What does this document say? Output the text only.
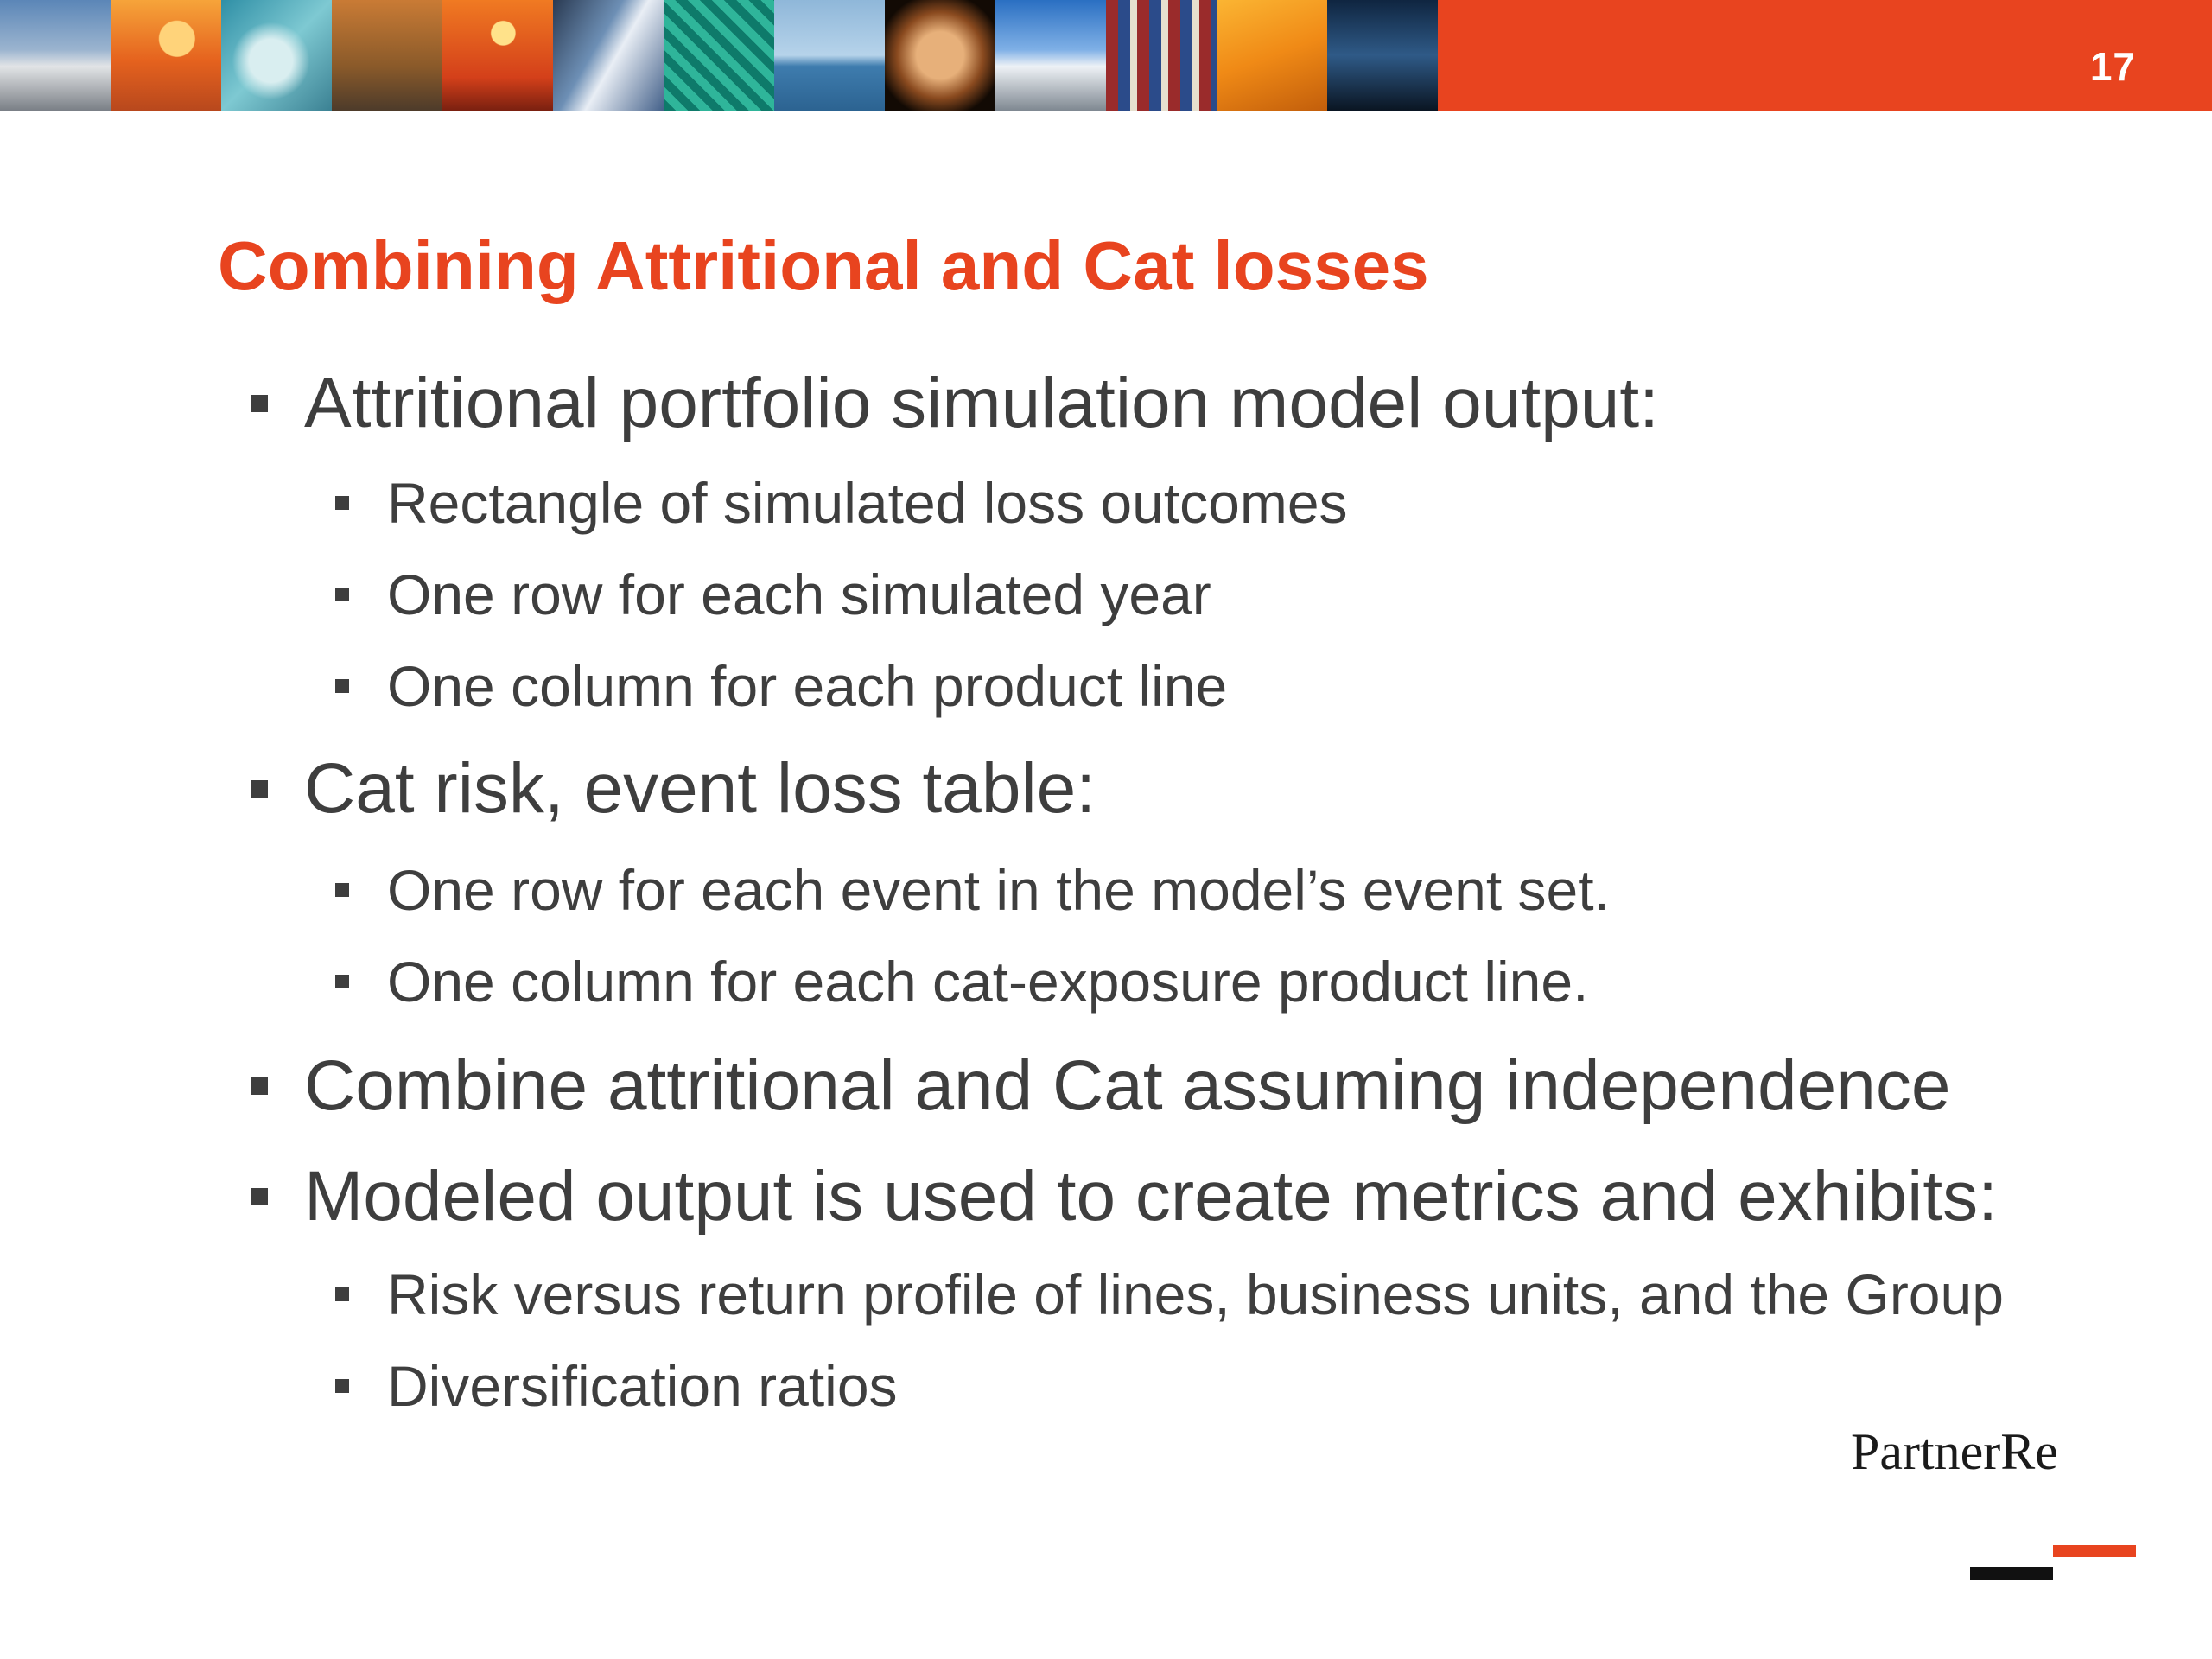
17
Combining Attritional and Cat losses
Attritional portfolio simulation model output:
Rectangle of simulated loss outcomes
One row for each simulated year
One column for each product line
Cat risk, event loss table:
One row for each event in the model’s event set.
One column for each cat-exposure product line.
Combine attritional and Cat assuming independence
Modeled output is used to create metrics and exhibits:
Risk versus return profile of lines, business units, and the Group
Diversification ratios
PartnerRe
